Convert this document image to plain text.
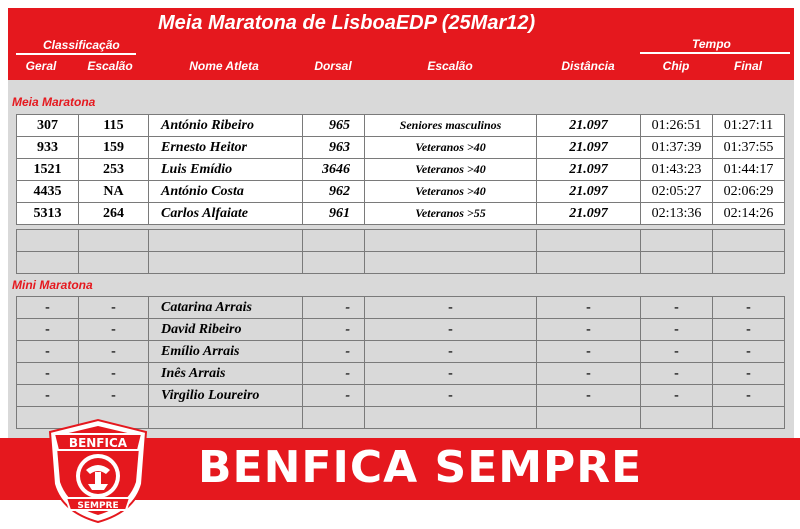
Meia Maratona de LisboaEDP (25Mar12)
Classificação	Tempo
Geral	Escalão	Nome Atleta	Dorsal	Escalão	Distância	Chip	Final
Meia Maratona
307	115	António Ribeiro	965	Seniores masculinos	21.097	01:26:51	01:27:11
933	159	Ernesto Heitor	963	Veteranos >40	21.097	01:37:39	01:37:55
1521	253	Luis Emídio	3646	Veteranos >40	21.097	01:43:23	01:44:17
4435	NA	António Costa	962	Veteranos >40	21.097	02:05:27	02:06:29
5313	264	Carlos Alfaiate	961	Veteranos >55	21.097	02:13:36	02:14:26

Mini Maratona
-	-	Catarina Arrais	-	-	-	-	-
-	-	David Ribeiro	-	-	-	-	-
-	-	Emílio Arrais	-	-	-	-	-
-	-	Inês Arrais	-	-	-	-	-
-	-	Virgilio Loureiro	-	-	-	-	-

BENFICA SEMPRE
BENFICA
SEMPRE
